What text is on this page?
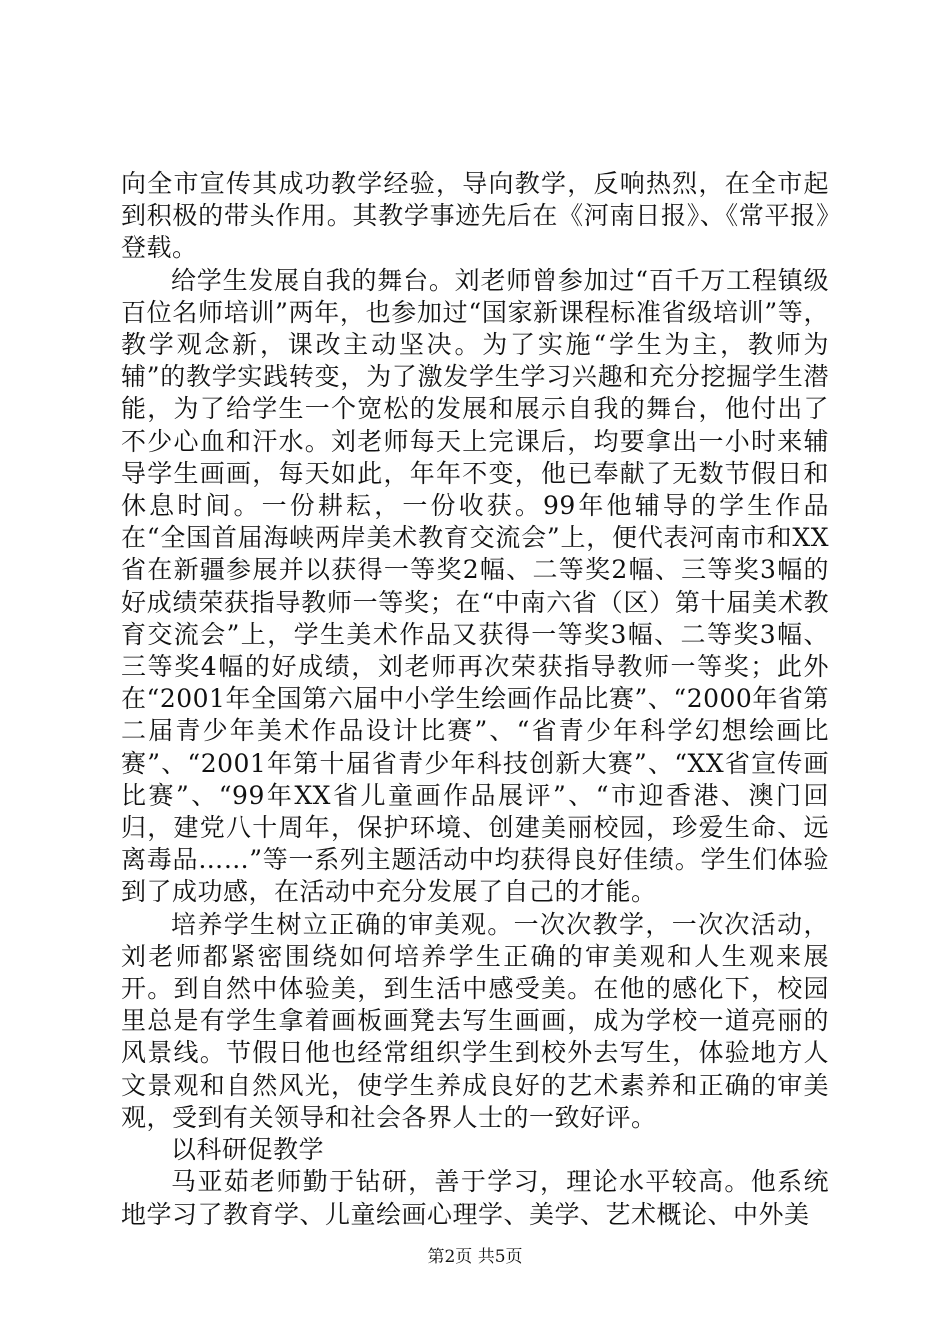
向全市宣传其成功教学经验，导向教学，反响热烈，在全市起到积极的带头作用。其教学事迹先后在《河南日报》、《常平报》登载。

给学生发展自我的舞台。刘老师曾参加过“百千万工程镇级百位名师培训”两年，也参加过“国家新课程标准省级培训”等，教学观念新，课改主动坚决。为了实施“学生为主，教师为辅”的教学实践转变，为了激发学生学习兴趣和充分挖掘学生潜能，为了给学生一个宽松的发展和展示自我的舞台，他付出了不少心血和汗水。刘老师每天上完课后，均要拿出一小时来辅导学生画画，每天如此，年年不变，他已奉献了无数节假日和休息时间。一份耕耘，一份收获。99年他辅导的学生作品在“全国首届海峡两岸美术教育交流会”上，便代表河南市和XX省在新疆参展并以获得一等奖2幅、二等奖2幅、三等奖3幅的好成绩荣获指导教师一等奖；在“中南六省（区）第十届美术教育交流会”上，学生美术作品又获得一等奖3幅、二等奖3幅、三等奖4幅的好成绩，刘老师再次荣获指导教师一等奖；此外在“2001年全国第六届中小学生绘画作品比赛”、“2000年省第二届青少年美术作品设计比赛”、“省青少年科学幻想绘画比赛”、“2001年第十届省青少年科技创新大赛”、“XX省宣传画比赛”、“99年XX省儿童画作品展评”、“市迎香港、澳门回归，建党八十周年，保护环境、创建美丽校园，珍爱生命、远离毒品……”等一系列主题活动中均获得良好佳绩。学生们体验到了成功感，在活动中充分发展了自己的才能。

培养学生树立正确的审美观。一次次教学，一次次活动，刘老师都紧密围绕如何培养学生正确的审美观和人生观来展开。到自然中体验美，到生活中感受美。在他的感化下，校园里总是有学生拿着画板画凳去写生画画，成为学校一道亮丽的风景线。节假日他也经常组织学生到校外去写生，体验地方人文景观和自然风光，使学生养成良好的艺术素养和正确的审美观，受到有关领导和社会各界人士的一致好评。

以科研促教学

马亚茹老师勤于钻研，善于学习，理论水平较高。他系统地学习了教育学、儿童绘画心理学、美学、艺术概论、中外美

第2页 共5页
